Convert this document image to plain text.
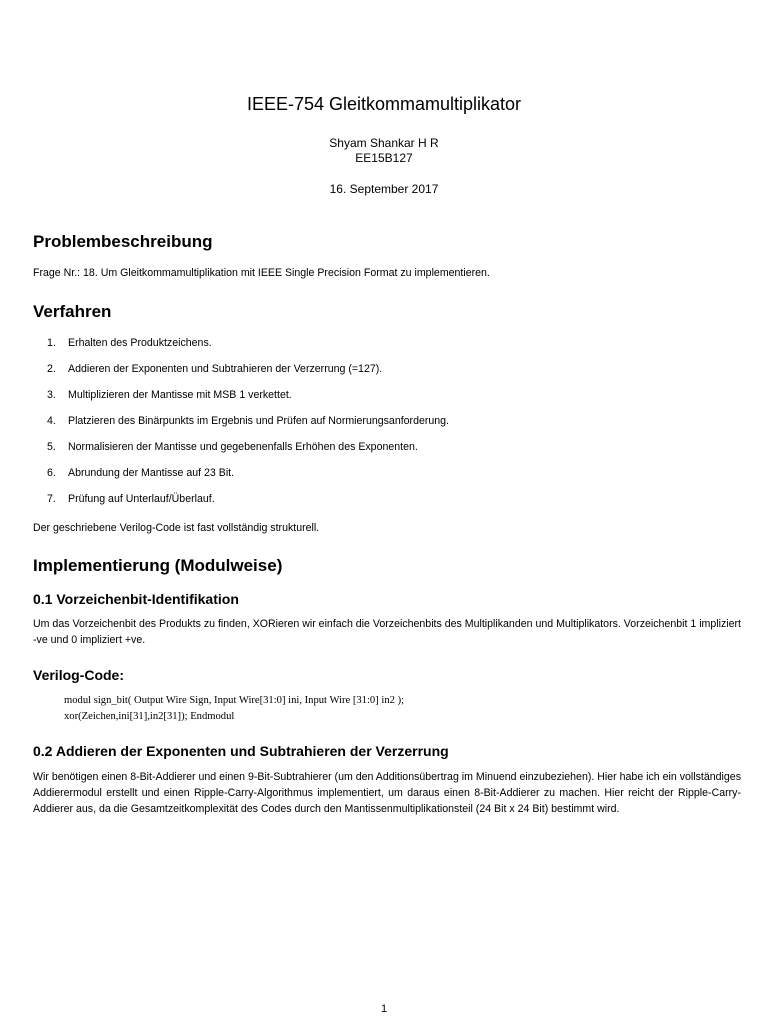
IEEE-754 Gleitkommamultiplikator
Shyam Shankar H R
EE15B127
16. September 2017
Problembeschreibung
Frage Nr.: 18. Um Gleitkommamultiplikation mit IEEE Single Precision Format zu implementieren.
Verfahren
1. Erhalten des Produktzeichens.
2. Addieren der Exponenten und Subtrahieren der Verzerrung (=127).
3. Multiplizieren der Mantisse mit MSB 1 verkettet.
4. Platzieren des Binärpunkts im Ergebnis und Prüfen auf Normierungsanforderung.
5. Normalisieren der Mantisse und gegebenenfalls Erhöhen des Exponenten.
6. Abrundung der Mantisse auf 23 Bit.
7. Prüfung auf Unterlauf/Überlauf.
Der geschriebene Verilog-Code ist fast vollständig strukturell.
Implementierung (Modulweise)
0.1 Vorzeichenbit-Identifikation
Um das Vorzeichenbit des Produkts zu finden, XORieren wir einfach die Vorzeichenbits des Multiplikanden und Multiplikators. Vorzeichenbit 1 impliziert -ve und 0 impliziert +ve.
Verilog-Code:
modul sign_bit( Output Wire Sign, Input Wire[31:0] ini, Input Wire [31:0] in2 );
xor(Zeichen,ini[31],in2[31]); Endmodul
0.2 Addieren der Exponenten und Subtrahieren der Verzerrung
Wir benötigen einen 8-Bit-Addierer und einen 9-Bit-Subtrahierer (um den Additionsübertrag im Minuend einzubeziehen). Hier habe ich ein vollständiges Addierermodul erstellt und einen Ripple-Carry-Algorithmus implementiert, um daraus einen 8-Bit-Addierer zu machen. Hier reicht der Ripple-Carry-Addierer aus, da die Gesamtzeitkomplexität des Codes durch den Mantissenmultiplikationsteil (24 Bit x 24 Bit) bestimmt wird.
1
